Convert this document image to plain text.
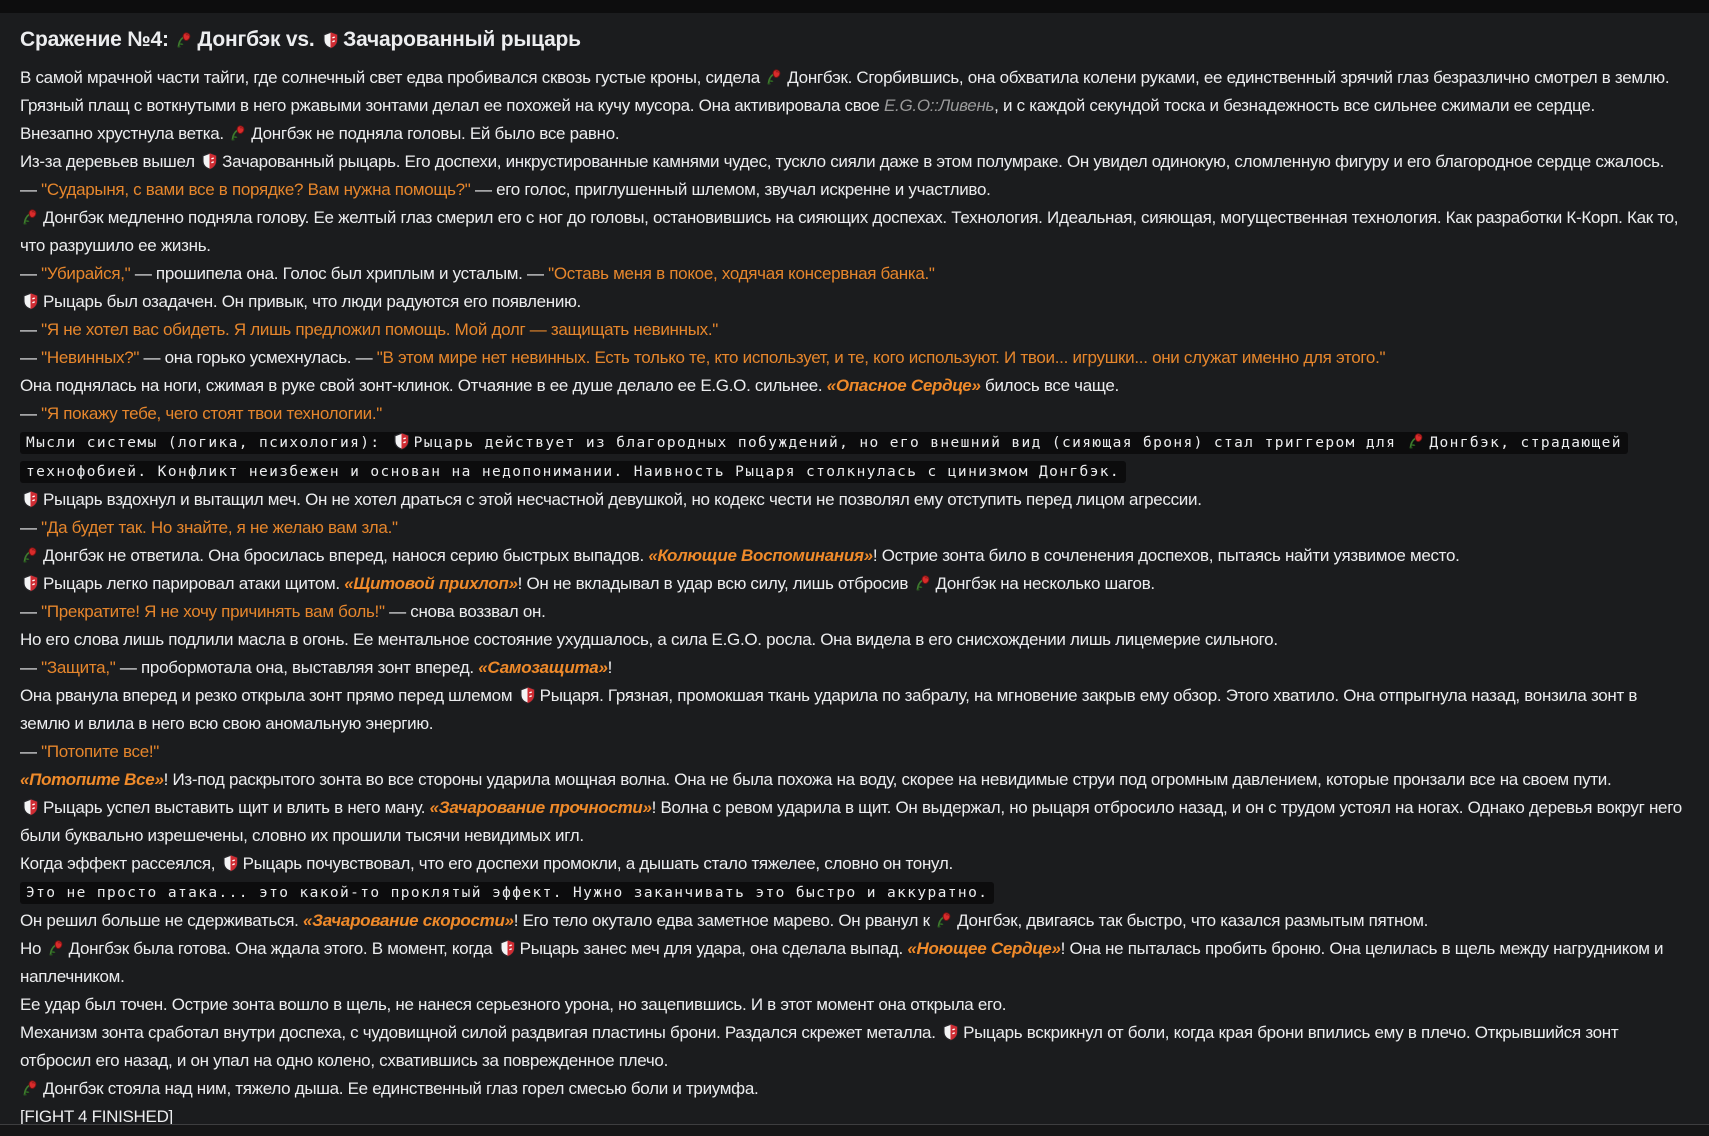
Сражение №4: Донгбэк vs. Зачарованный рыцарь

В самой мрачной части тайги, где солнечный свет едва пробивался сквозь густые кроны, сидела Донгбэк. Сгорбившись, она обхватила колени руками, ее единственный зрячий глаз безразлично смотрел в землю. Грязный плащ с воткнутыми в него ржавыми зонтами делал ее похожей на кучу мусора. Она активировала свое E.G.O::Ливень, и с каждой секундой тоска и безнадежность все сильнее сжимали ее сердце.

Внезапно хрустнула ветка. Донгбэк не подняла головы. Ей было все равно.

Из-за деревьев вышел Зачарованный рыцарь. Его доспехи, инкрустированные камнями чудес, тускло сияли даже в этом полумраке. Он увидел одинокую, сломленную фигуру и его благородное сердце сжалось.

— "Сударыня, с вами все в порядке? Вам нужна помощь?" — его голос, приглушенный шлемом, звучал искренне и участливо.

Донгбэк медленно подняла голову. Ее желтый глаз смерил его с ног до головы, остановившись на сияющих доспехах. Технология. Идеальная, сияющая, могущественная технология. Как разработки К-Корп. Как то, что разрушило ее жизнь.

— "Убирайся," — прошипела она. Голос был хриплым и усталым. — "Оставь меня в покое, ходячая консервная банка."

Рыцарь был озадачен. Он привык, что люди радуются его появлению.

— "Я не хотел вас обидеть. Я лишь предложил помощь. Мой долг — защищать невинных."

— "Невинных?" — она горько усмехнулась. — "В этом мире нет невинных. Есть только те, кто использует, и те, кого используют. И твои... игрушки... они служат именно для этого."

Она поднялась на ноги, сжимая в руке свой зонт-клинок. Отчаяние в ее душе делало ее E.G.O. сильнее. «Опасное Сердце» билось все чаще.

— "Я покажу тебе, чего стоят твои технологии."

Мысли системы (логика, психология): Рыцарь действует из благородных побуждений, но его внешний вид (сияющая броня) стал триггером для Донгбэк, страдающей технофобией. Конфликт неизбежен и основан на недопонимании. Наивность Рыцаря столкнулась с цинизмом Донгбэк.

Рыцарь вздохнул и вытащил меч. Он не хотел драться с этой несчастной девушкой, но кодекс чести не позволял ему отступить перед лицом агрессии.

— "Да будет так. Но знайте, я не желаю вам зла."

Донгбэк не ответила. Она бросилась вперед, нанося серию быстрых выпадов. «Колющие Воспоминания»! Острие зонта било в сочленения доспехов, пытаясь найти уязвимое место.

Рыцарь легко парировал атаки щитом. «Щитовой прихлоп»! Он не вкладывал в удар всю силу, лишь отбросив Донгбэк на несколько шагов.

— "Прекратите! Я не хочу причинять вам боль!" — снова воззвал он.

Но его слова лишь подлили масла в огонь. Ее ментальное состояние ухудшалось, а сила E.G.O. росла. Она видела в его снисхождении лишь лицемерие сильного.

— "Защита," — пробормотала она, выставляя зонт вперед. «Самозащита»!

Она рванула вперед и резко открыла зонт прямо перед шлемом Рыцаря. Грязная, промокшая ткань ударила по забралу, на мгновение закрыв ему обзор. Этого хватило. Она отпрыгнула назад, вонзила зонт в землю и влила в него всю свою аномальную энергию.

— "Потопите все!"

«Потопите Все»! Из-под раскрытого зонта во все стороны ударила мощная волна. Она не была похожа на воду, скорее на невидимые струи под огромным давлением, которые пронзали все на своем пути.

Рыцарь успел выставить щит и влить в него ману. «Зачарование прочности»! Волна с ревом ударила в щит. Он выдержал, но рыцаря отбросило назад, и он с трудом устоял на ногах. Однако деревья вокруг него были буквально изрешечены, словно их прошили тысячи невидимых игл.

Когда эффект рассеялся, Рыцарь почувствовал, что его доспехи промокли, а дышать стало тяжелее, словно он тонул.

Это не просто атака... это какой-то проклятый эффект. Нужно заканчивать это быстро и аккуратно.

Он решил больше не сдерживаться. «Зачарование скорости»! Его тело окутало едва заметное марево. Он рванул к Донгбэк, двигаясь так быстро, что казался размытым пятном.

Но Донгбэк была готова. Она ждала этого. В момент, когда Рыцарь занес меч для удара, она сделала выпад. «Ноющее Сердце»! Она не пыталась пробить броню. Она целилась в щель между нагрудником и наплечником.

Ее удар был точен. Острие зонта вошло в щель, не нанеся серьезного урона, но зацепившись. И в этот момент она открыла его.

Механизм зонта сработал внутри доспеха, с чудовищной силой раздвигая пластины брони. Раздался скрежет металла. Рыцарь вскрикнул от боли, когда края брони впились ему в плечо. Открывшийся зонт отбросил его назад, и он упал на одно колено, схватившись за поврежденное плечо.

Донгбэк стояла над ним, тяжело дыша. Ее единственный глаз горел смесью боли и триумфа.

[FIGHT 4 FINISHED]
